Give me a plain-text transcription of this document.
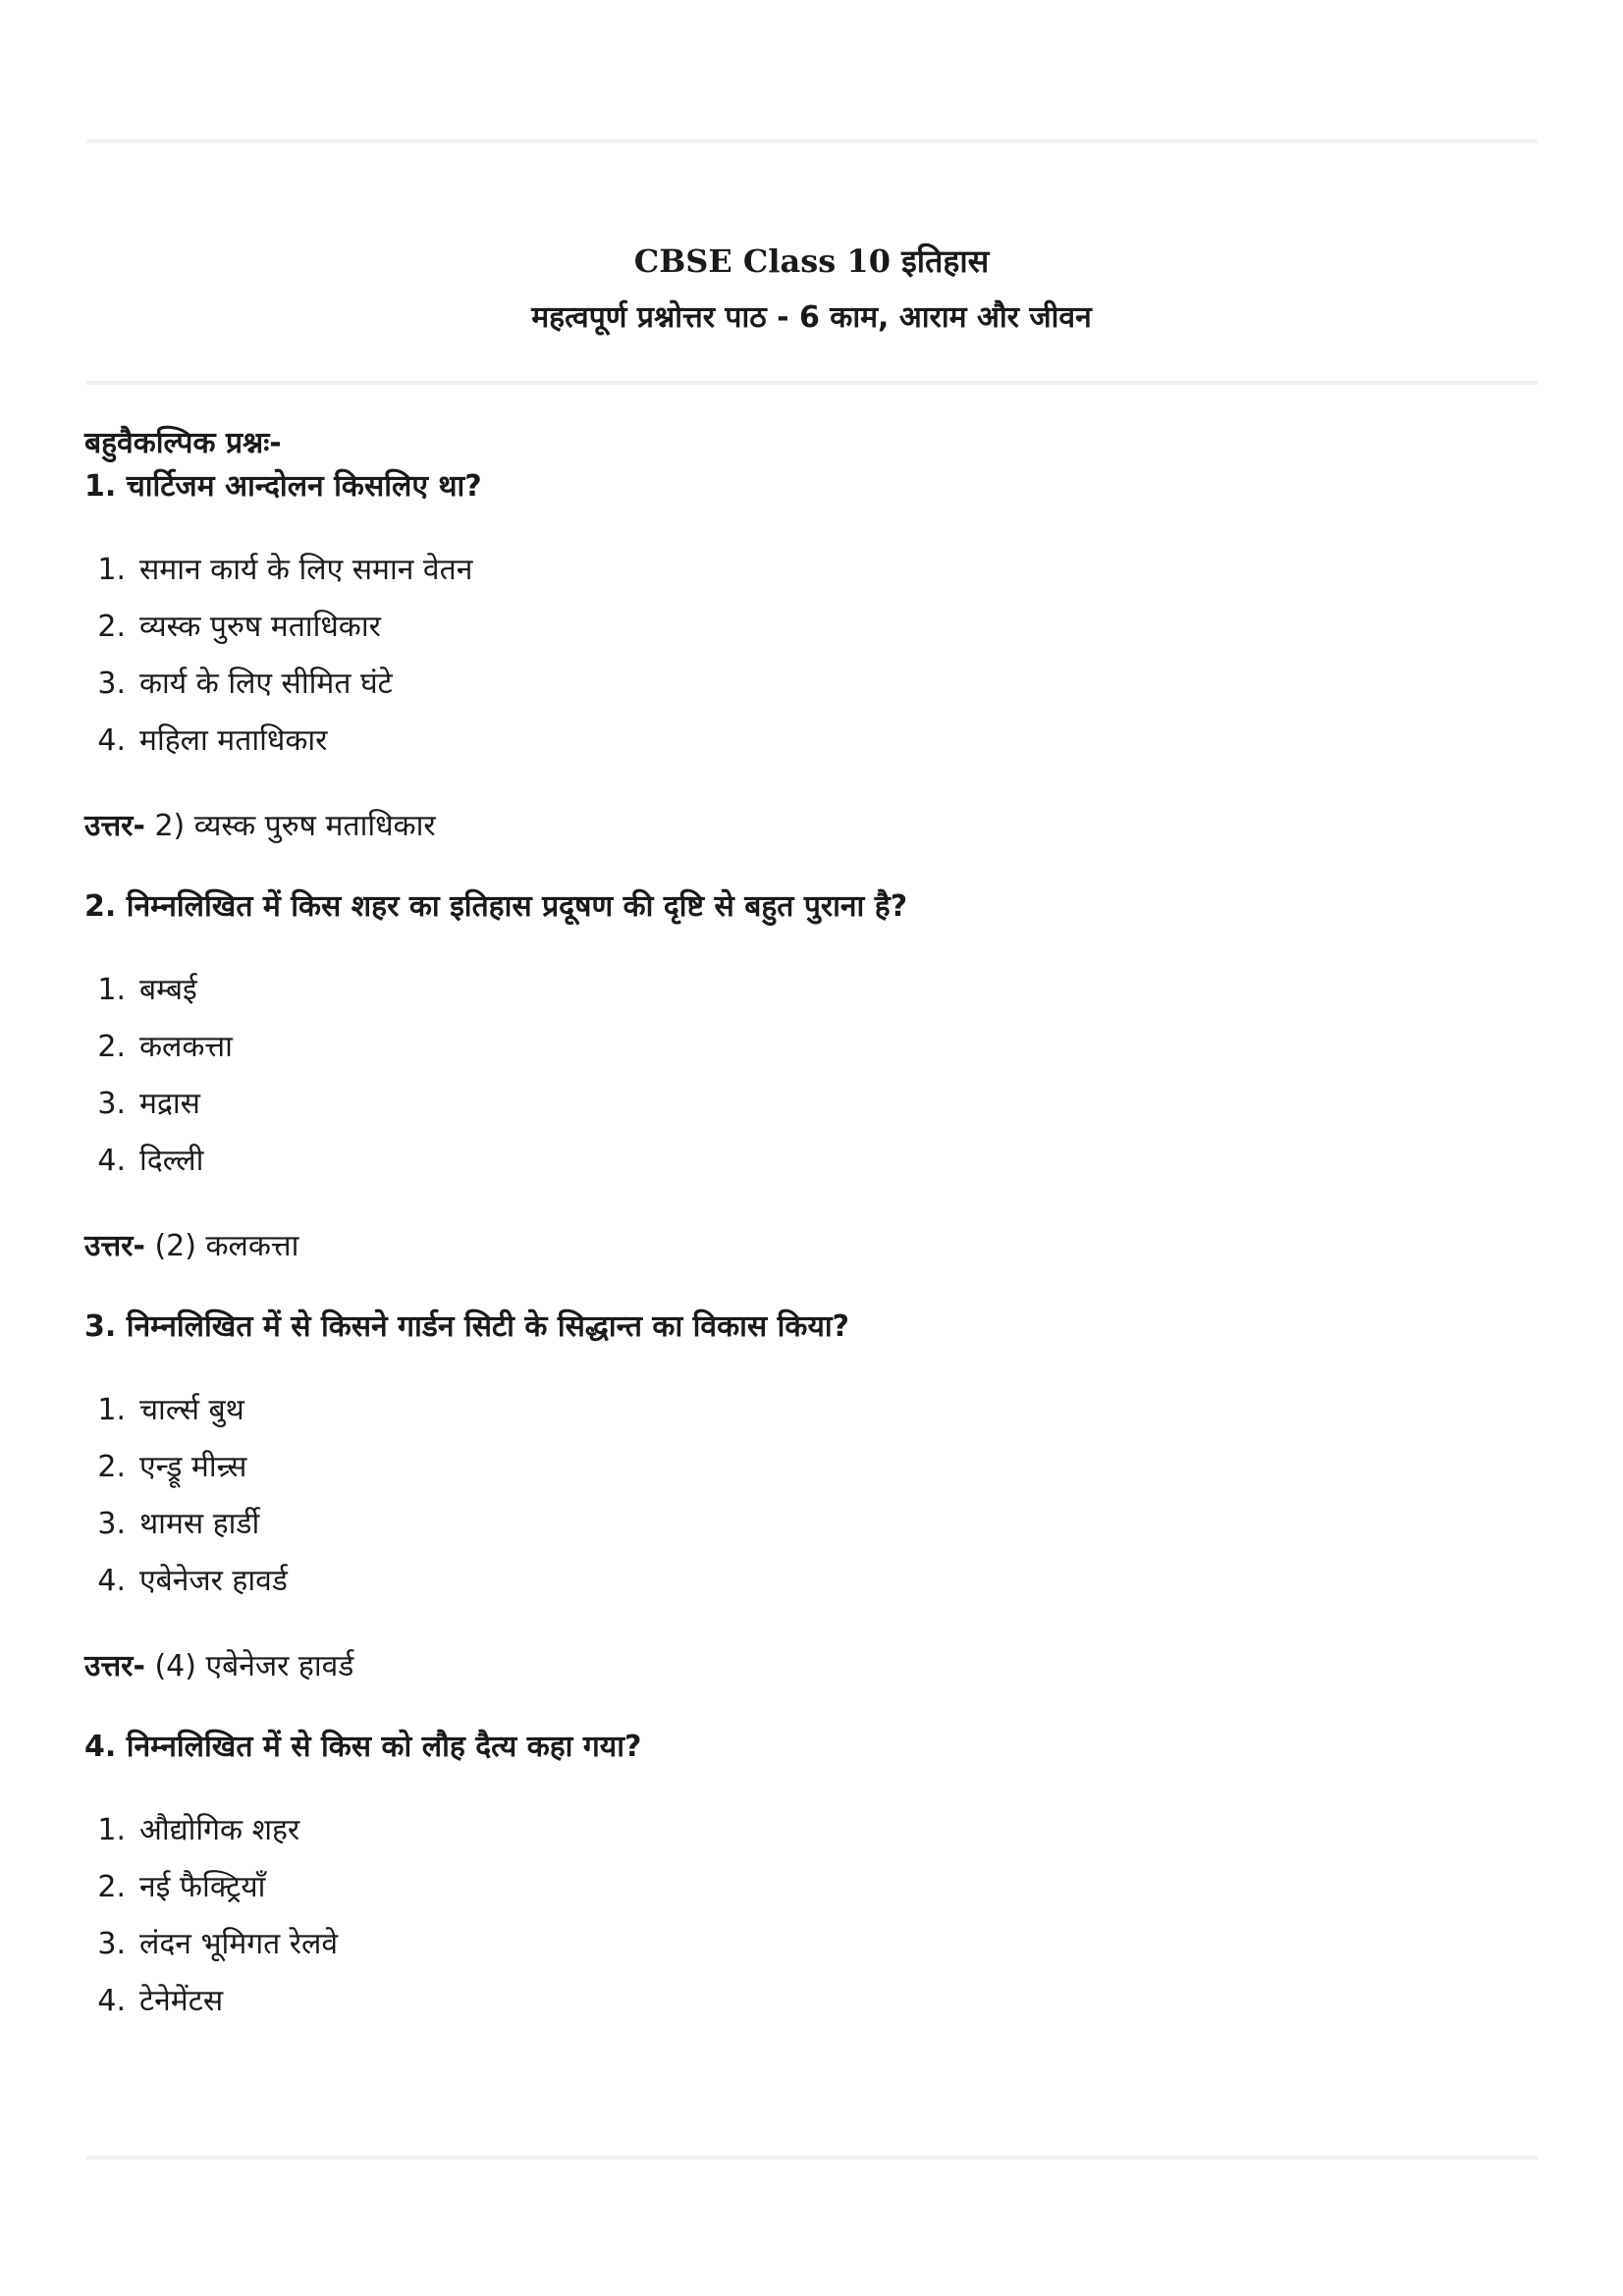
CBSE Class 10 इतिहास
महत्वपूर्ण प्रश्नोत्तर पाठ - 6 काम, आराम और जीवन

बहुवैकल्पिक प्रश्नः-

1. चार्टिजम आन्दोलन किसलिए था?

1. समान कार्य के लिए समान वेतन
2. व्यस्क पुरुष मताधिकार
3. कार्य के लिए सीमित घंटे
4. महिला मताधिकार

उत्तर- 2) व्यस्क पुरुष मताधिकार

2. निम्नलिखित में किस शहर का इतिहास प्रदूषण की दृष्टि से बहुत पुराना है?

1. बम्बई
2. कलकत्ता
3. मद्रास
4. दिल्ली

उत्तर- (2) कलकत्ता

3. निम्नलिखित में से किसने गार्डन सिटी के सिद्धान्त का विकास किया?

1. चार्ल्स बुथ
2. एन्ड्रू मीन्र्स
3. थामस हार्डी
4. एबेनेजर हावर्ड

उत्तर- (4) एबेनेजर हावर्ड

4. निम्नलिखित में से किस को लौह दैत्य कहा गया?

1. औद्योगिक शहर
2. नई फैक्ट्रियाँ
3. लंदन भूमिगत रेलवे
4. टेनेमेंटस
